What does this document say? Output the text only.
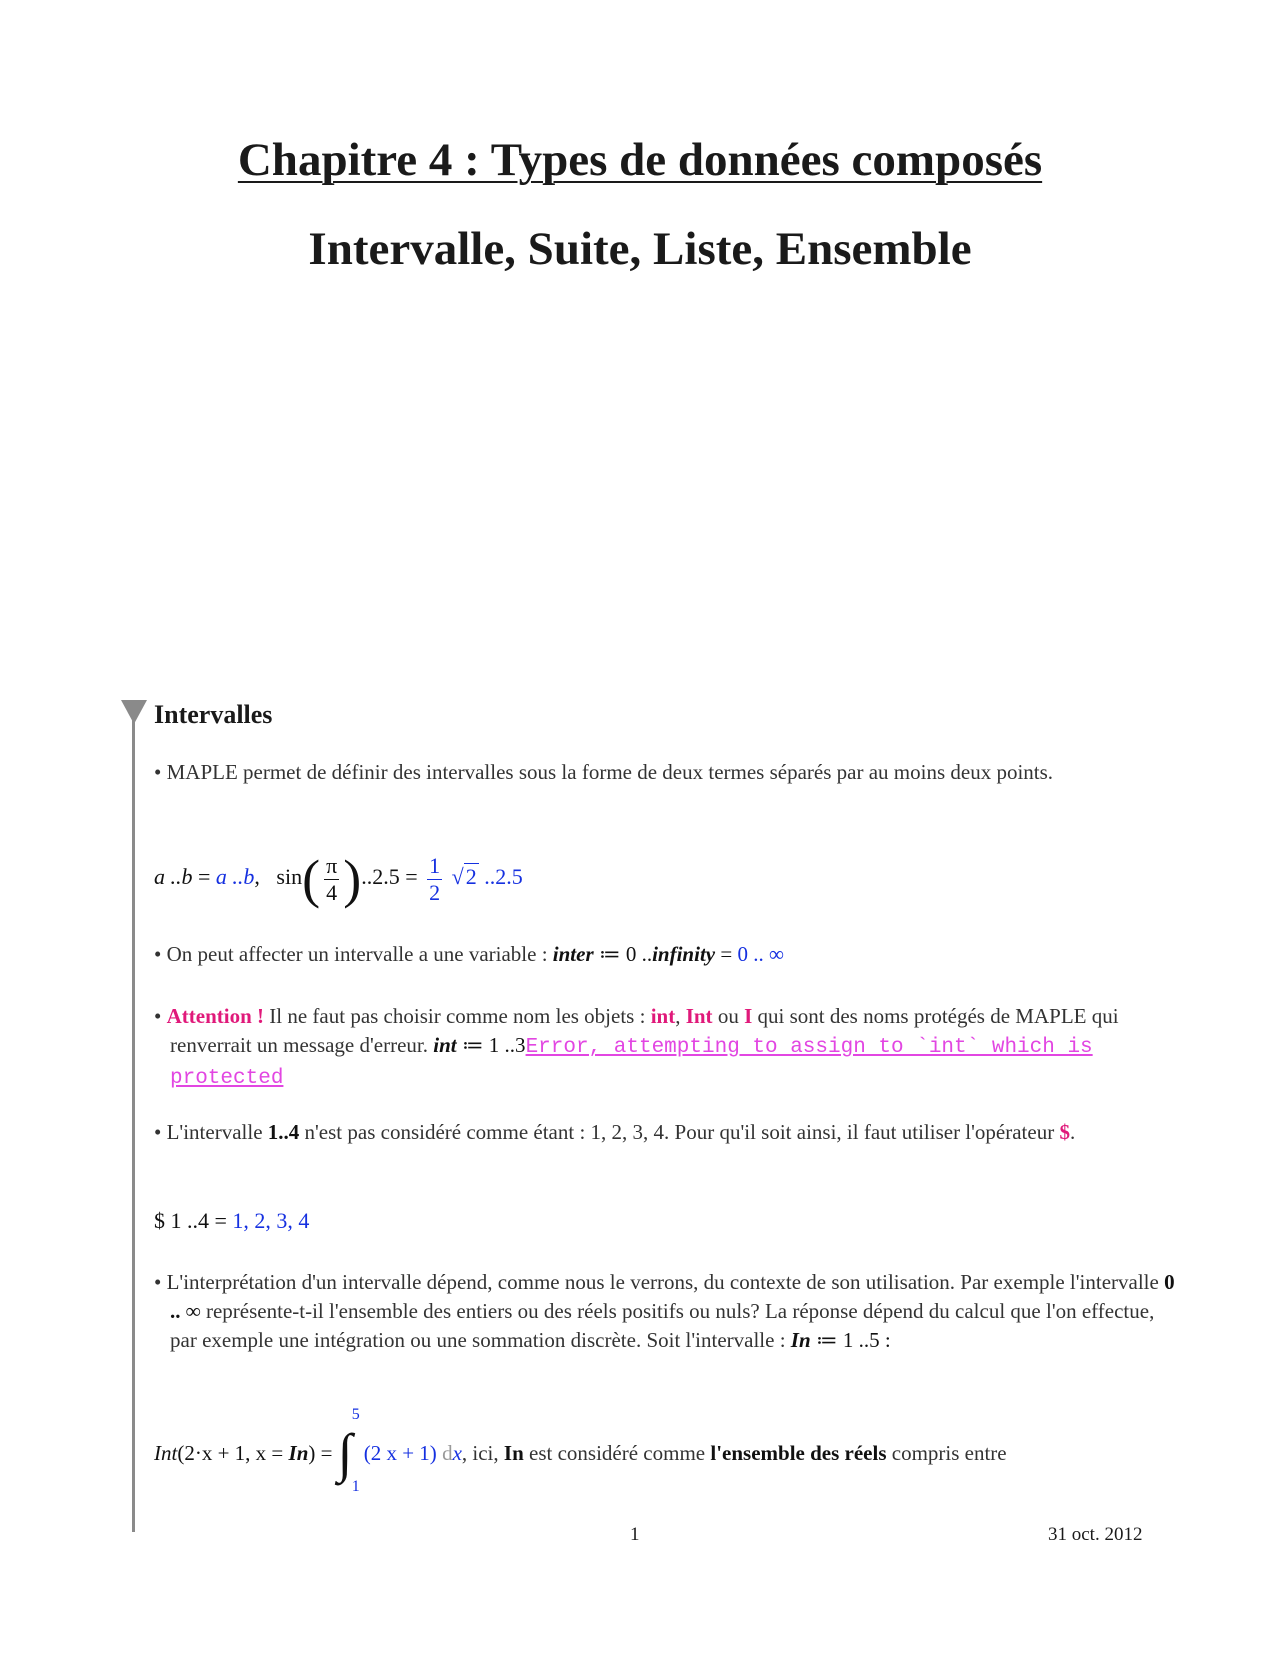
Chapitre 4 : Types de données composés
Intervalle, Suite, Liste, Ensemble
Intervalles
• MAPLE permet de définir des intervalles sous la forme de deux termes séparés par au moins deux points.
a ..b = a ..b, $\sin( \frac{\pi}{4} )..2.5 = \frac{1}{2} √2$ ..2.5
• On peut affecter un intervalle a une variable : inter ≔ 0 ..infinity = 0 .. ∞
• Attention ! Il ne faut pas choisir comme nom les objets : int, Int ou I qui sont des noms protégés de MAPLE qui renverrait un message d'erreur. int ≔ 1 ..3Error, attempting to assign to `int` which is protected
• L'intervalle 1..4 n'est pas considéré comme étant : 1, 2, 3, 4. Pour qu'il soit ainsi, il faut utiliser l'opérateur $.
$ 1 ..4 = 1, 2, 3, 4
• L'interprétation d'un intervalle dépend, comme nous le verrons, du contexte de son utilisation. Par exemple l'intervalle 0 .. ∞ représente-t-il l'ensemble des entiers ou des réels positifs ou nuls? La réponse dépend du calcul que l'on effectue, par exemple une intégration ou une sommation discrète. Soit l'intervalle : In ≔ 1 ..5 :
Int(2·x + 1, x = In) = ∫
5
1
(2 x + 1) dx, ici, In est considéré comme l'ensemble des réels compris entre
1	31 oct. 2012
